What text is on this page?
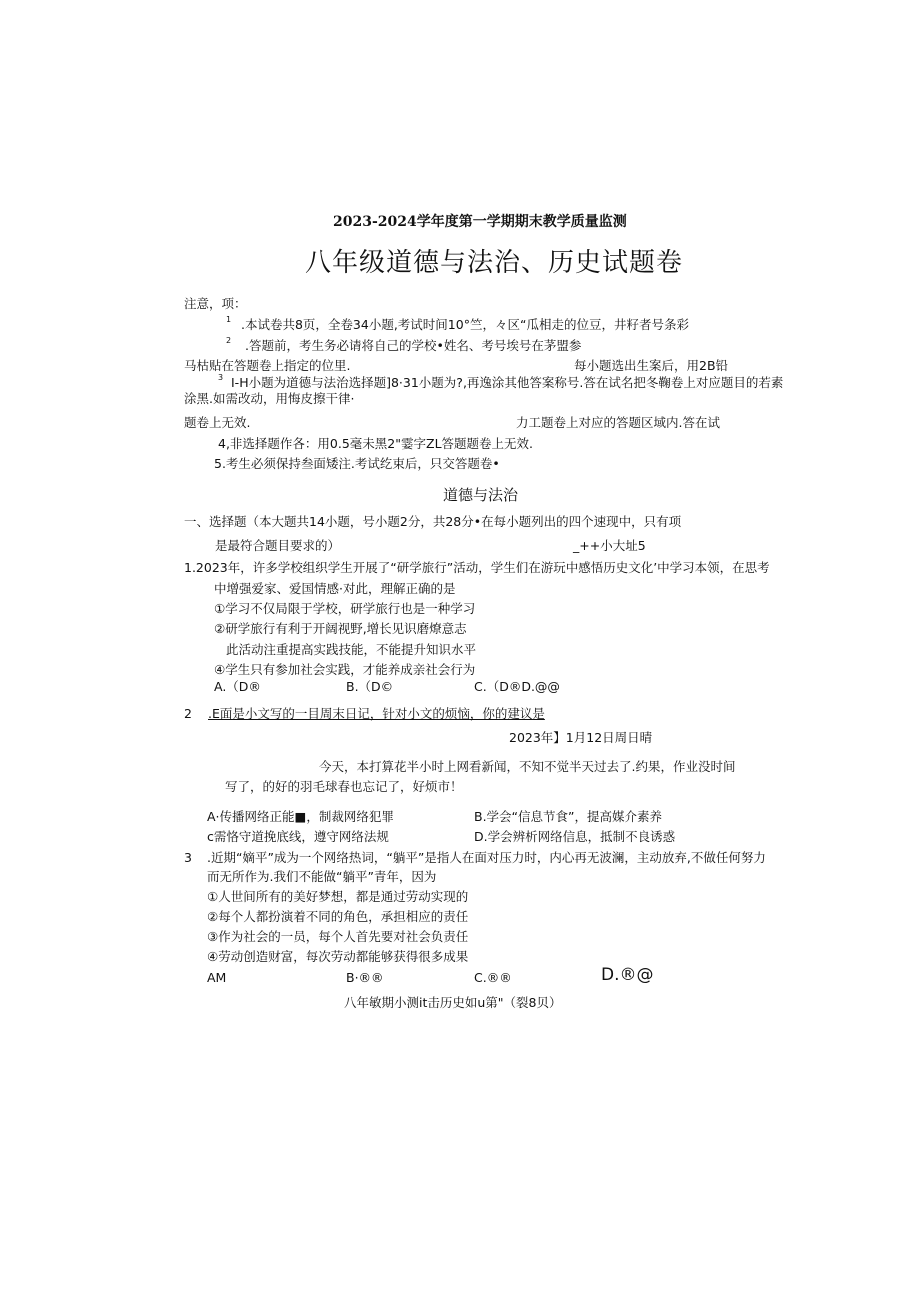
2023-2024学年度第一学期期末教学质量监测
八年级道德与法治、历史试题卷
注意，项：
1 .本试卷共8页，全卷34小题,考试时间10°竺，々区“瓜相走的位豆，井籽者号条彩
2 .答题前，考生务必请将自己的学校•姓名、考号埃号在茅盟参
马枯贴在答题卷上指定的位里.	每小题选出生案后，用2B铅
3 I-H小题为道德与法治选择题]8·31小题为?,再逸涂其他答案称号.答在试名把冬鞠卷上对应题目的若素
涂黑.如需改动，用悔皮擦干律·
题卷上无效.	力工题卷上对应的答题区域内.答在试
4,非选择题作各：用0.5毫未黑2"霎字ZL答题题卷上无效.
5.考生必须保持叁面矮注.考试纥束后，只交答题卷•
道德与法治
一、选择题（本大题共14小题，号小题2分，共28分•在每小题列出的四个速现中，只有项
是最符合题目要求的）	_++小大址5
1.2023年，许多学校组织学生开展了“研学旅行”活动，学生们在游玩中感悟历史文化’中学习本领，在思考
中增强爱家、爱国情感·对此，理解正确的是
①学习不仅局限于学校，研学旅行也是一种学习
②研学旅行有利于开阔视野,增长见识磨燎意志
此活动注重提高实践技能，不能提升知识水平
④学生只有参加社会实践，才能养成亲社会行为
A.（D®	B.（D©	C.（D®D.@@
2 .E面是小文写的一目周末日记，针对小文的烦恼，你的建议是
2023年】1月12日周日晴
今天，本打算花半小时上网看新闻，不知不觉半天过去了.约果，作业没时间
写了，的好的羽毛球春也忘记了，好烦市！
A·传播网络正能■，制裁网络犯罪	B.学会“信息节食”，提高媒介素养
c需恪守道挽底线，遵守网络法规	D.学会辨析网络信息，抵制不良诱惑
3 .近期“嫡平”成为一个网络热词，“躺平”是指人在面对压力时，内心再无波澜，主动放弃,不做任何努力
而无所作为.我们不能做“躺平”青年，因为
①人世间所有的美好梦想，都是通过劳动实现的
②每个人都扮演着不同的角色，承担相应的责任
③作为社会的一员，每个人首先要对社会负责任
④劳动创造财富，每次劳动都能够获得很多成果
AM	B·®®	C.®®	D.®@
八年敏期小测it击历史如u第"（裂8贝）
